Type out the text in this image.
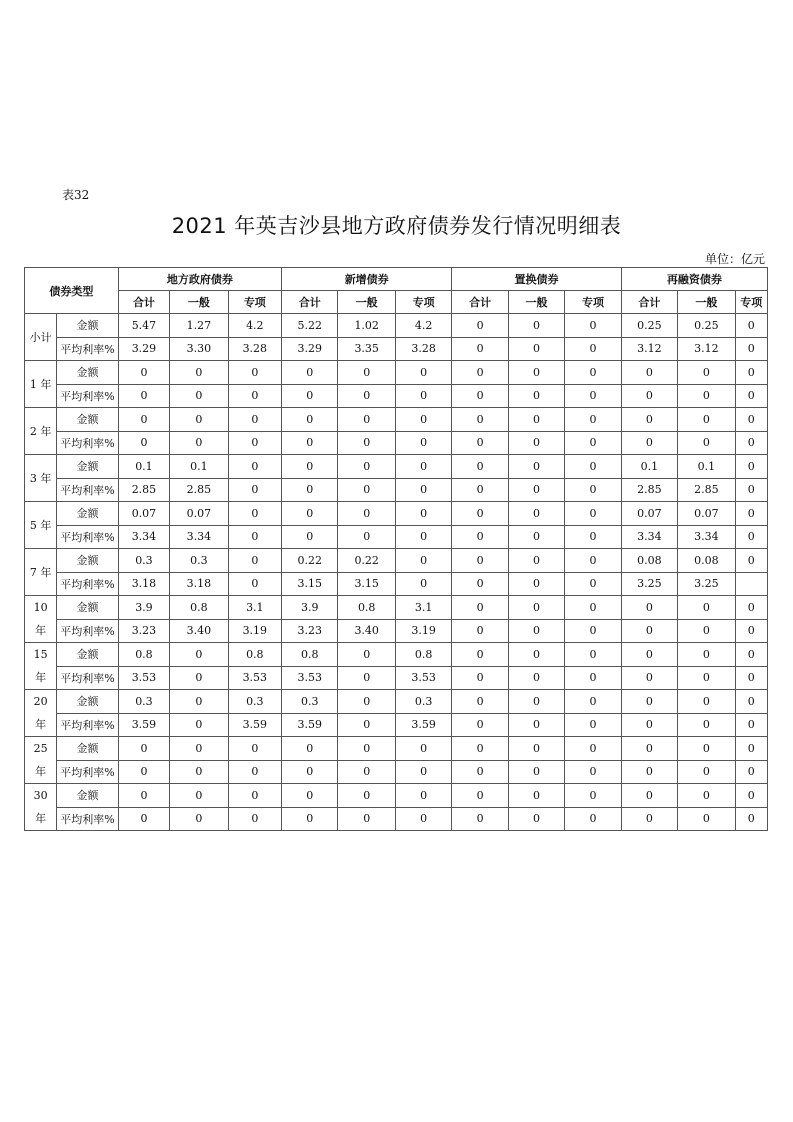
表32
2021 年英吉沙县地方政府债券发行情况明细表
单位：亿元
债券类型		地方政府债券			新增债券			置换债券			再融资债券		
		合计	一般	专项	合计	一般	专项	合计	一般	专项	合计	一般	专项
小计	金额	5.47	1.27	4.2	5.22	1.02	4.2	0	0	0	0.25	0.25	0
	平均利率%	3.29	3.30	3.28	3.29	3.35	3.28	0	0	0	3.12	3.12	0
1 年	金额	0	0	0	0	0	0	0	0	0	0	0	0
	平均利率%	0	0	0	0	0	0	0	0	0	0	0	0
2 年	金额	0	0	0	0	0	0	0	0	0	0	0	0
	平均利率%	0	0	0	0	0	0	0	0	0	0	0	0
3 年	金额	0.1	0.1	0	0	0	0	0	0	0	0.1	0.1	0
	平均利率%	2.85	2.85	0	0	0	0	0	0	0	2.85	2.85	0
5 年	金额	0.07	0.07	0	0	0	0	0	0	0	0.07	0.07	0
	平均利率%	3.34	3.34	0	0	0	0	0	0	0	3.34	3.34	0
7 年	金额	0.3	0.3	0	0.22	0.22	0	0	0	0	0.08	0.08	0
	平均利率%	3.18	3.18	0	3.15	3.15	0	0	0	0	3.25	3.25	
10
年	金额	3.9	0.8	3.1	3.9	0.8	3.1	0	0	0	0	0	0
	平均利率%	3.23	3.40	3.19	3.23	3.40	3.19	0	0	0	0	0	0
15
年	金额	0.8	0	0.8	0.8	0	0.8	0	0	0	0	0	0
	平均利率%	3.53	0	3.53	3.53	0	3.53	0	0	0	0	0	0
20
年	金额	0.3	0	0.3	0.3	0	0.3	0	0	0	0	0	0
	平均利率%	3.59	0	3.59	3.59	0	3.59	0	0	0	0	0	0
25
年	金额	0	0	0	0	0	0	0	0	0	0	0	0
	平均利率%	0	0	0	0	0	0	0	0	0	0	0	0
30
年	金额	0	0	0	0	0	0	0	0	0	0	0	0
	平均利率%	0	0	0	0	0	0	0	0	0	0	0	0
